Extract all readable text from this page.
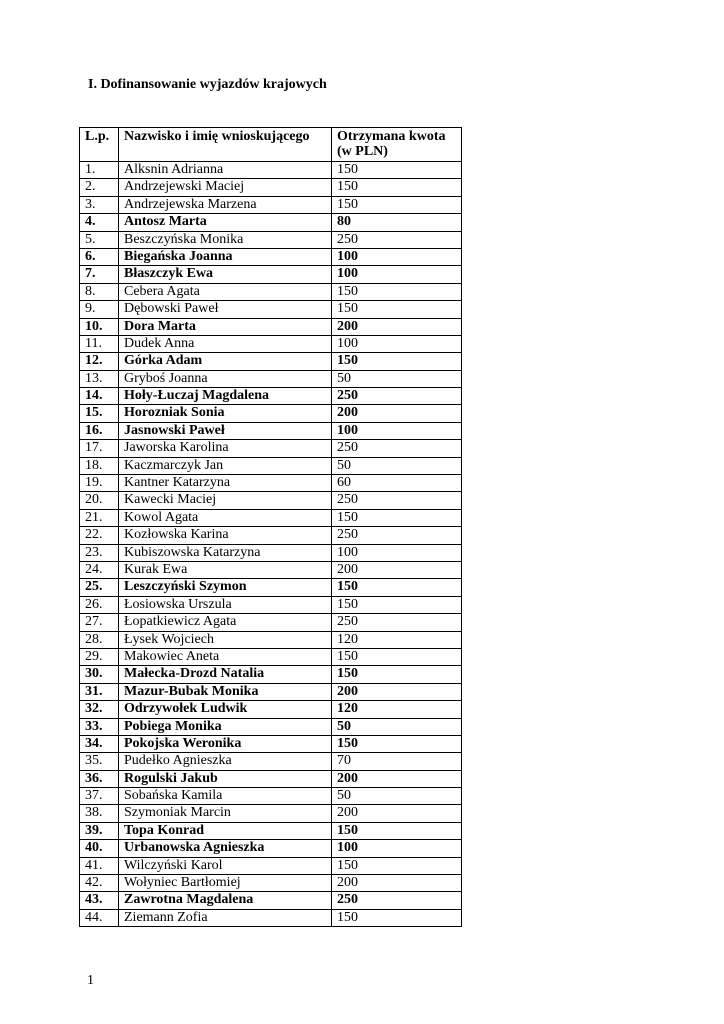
I. Dofinansowanie wyjazdów krajowych
L.p.	Nazwisko i imię wnioskującego	Otrzymana kwota
(w PLN)
1.	Alksnin Adrianna	150
2.	Andrzejewski Maciej	150
3.	Andrzejewska Marzena	150
4.	Antosz Marta	80
5.	Beszczyńska Monika	250
6.	Biegańska Joanna	100
7.	Błaszczyk Ewa	100
8.	Cebera Agata	150
9.	Dębowski Paweł	150
10.	Dora Marta	200
11.	Dudek Anna	100
12.	Górka Adam	150
13.	Gryboś Joanna	50
14.	Hoły-Łuczaj Magdalena	250
15.	Horozniak Sonia	200
16.	Jasnowski Paweł	100
17.	Jaworska Karolina	250
18.	Kaczmarczyk Jan	50
19.	Kantner Katarzyna	60
20.	Kawecki Maciej	250
21.	Kowol Agata	150
22.	Kozłowska Karina	250
23.	Kubiszowska Katarzyna	100
24.	Kurak Ewa	200
25.	Leszczyński Szymon	150
26.	Łosiowska Urszula	150
27.	Łopatkiewicz Agata	250
28.	Łysek Wojciech	120
29.	Makowiec Aneta	150
30.	Małecka-Drozd Natalia	150
31.	Mazur-Bubak Monika	200
32.	Odrzywołek Ludwik	120
33.	Pobiega Monika	50
34.	Pokojska Weronika	150
35.	Pudełko Agnieszka	70
36.	Rogulski Jakub	200
37.	Sobańska Kamila	50
38.	Szymoniak Marcin	200
39.	Topa Konrad	150
40.	Urbanowska Agnieszka	100
41.	Wilczyński Karol	150
42.	Wołyniec Bartłomiej	200
43.	Zawrotna Magdalena	250
44.	Ziemann Zofia	150
1
